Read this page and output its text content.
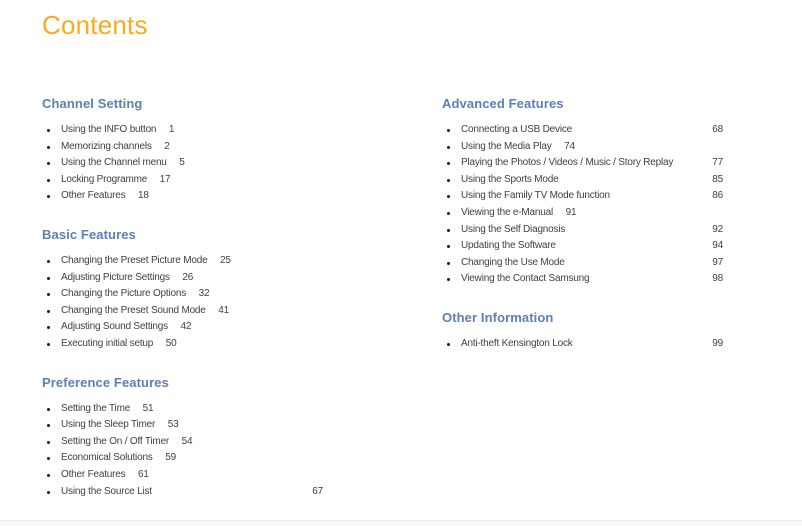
Contents
Channel Setting
Using the INFO button 1
Memorizing channels 2
Using the Channel menu 5
Locking Programme 17
Other Features 18
Basic Features
Changing the Preset Picture Mode 25
Adjusting Picture Settings 26
Changing the Picture Options 32
Changing the Preset Sound Mode 41
Adjusting Sound Settings 42
Executing initial setup 50
Preference Features
Setting the Time 51
Using the Sleep Timer 53
Setting the On / Off Timer 54
Economical Solutions 59
Other Features 61
Using the Source List	67
Advanced Features
Connecting a USB Device	68
Using the Media Play 74
Playing the Photos / Videos / Music / Story Replay	77
Using the Sports Mode	85
Using the Family TV Mode function	86
Viewing the e-Manual 91
Using the Self Diagnosis	92
Updating the Software	94
Changing the Use Mode	97
Viewing the Contact Samsung	98
Other Information
Anti-theft Kensington Lock	99
